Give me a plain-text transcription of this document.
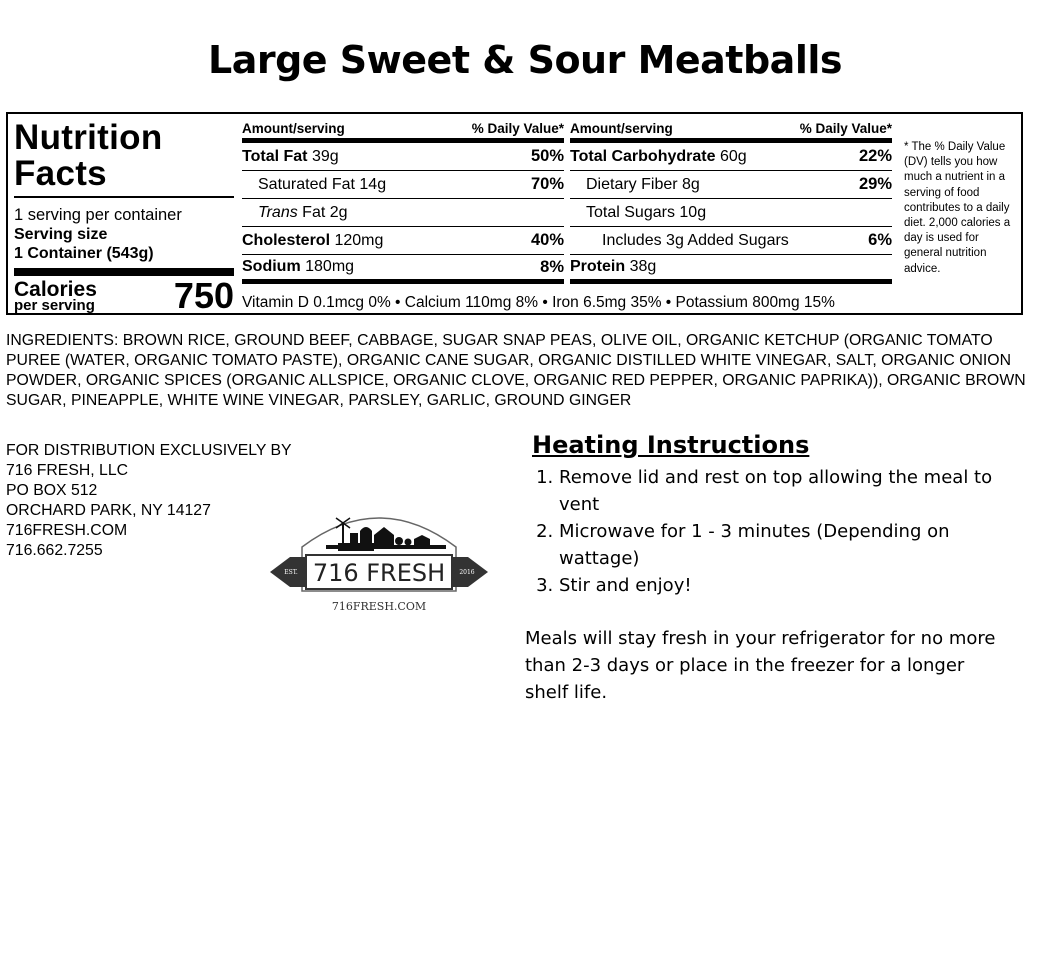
Large Sweet & Sour Meatballs
Nutrition
Facts
1 serving per container
Serving size
1 Container (543g)
Calories
per serving 750
Amount/serving	% Daily Value*
Total Fat 39g	50%
Saturated Fat 14g	70%
Trans Fat 2g
Cholesterol 120mg	40%
Sodium 180mg	8%
Amount/serving	% Daily Value*
Total Carbohydrate 60g	22%
Dietary Fiber 8g	29%
Total Sugars 10g
Includes 3g Added Sugars	6%
Protein 38g
Vitamin D 0.1mcg 0% • Calcium 110mg 8% • Iron 6.5mg 35% • Potassium 800mg 15%
* The % Daily Value (DV) tells you how much a nutrient in a serving of food contributes to a daily diet. 2,000 calories a day is used for general nutrition advice.
INGREDIENTS: BROWN RICE, GROUND BEEF, CABBAGE, SUGAR SNAP PEAS, OLIVE OIL, ORGANIC KETCHUP (ORGANIC TOMATO PUREE (WATER, ORGANIC TOMATO PASTE), ORGANIC CANE SUGAR, ORGANIC DISTILLED WHITE VINEGAR, SALT, ORGANIC ONION POWDER, ORGANIC SPICES (ORGANIC ALLSPICE, ORGANIC CLOVE, ORGANIC RED PEPPER, ORGANIC PAPRIKA)), ORGANIC BROWN SUGAR, PINEAPPLE, WHITE WINE VINEGAR, PARSLEY, GARLIC, GROUND GINGER
FOR DISTRIBUTION EXCLUSIVELY BY
716 FRESH, LLC
PO BOX 512
ORCHARD PARK, NY 14127
716FRESH.COM
716.662.7255
EST.	2016
716 FRESH
716FRESH.COM
Heating Instructions
1. Remove lid and rest on top allowing the meal to vent
2. Microwave for 1 - 3 minutes (Depending on wattage)
3. Stir and enjoy!
Meals will stay fresh in your refrigerator for no more than 2-3 days or place in the freezer for a longer shelf life.
